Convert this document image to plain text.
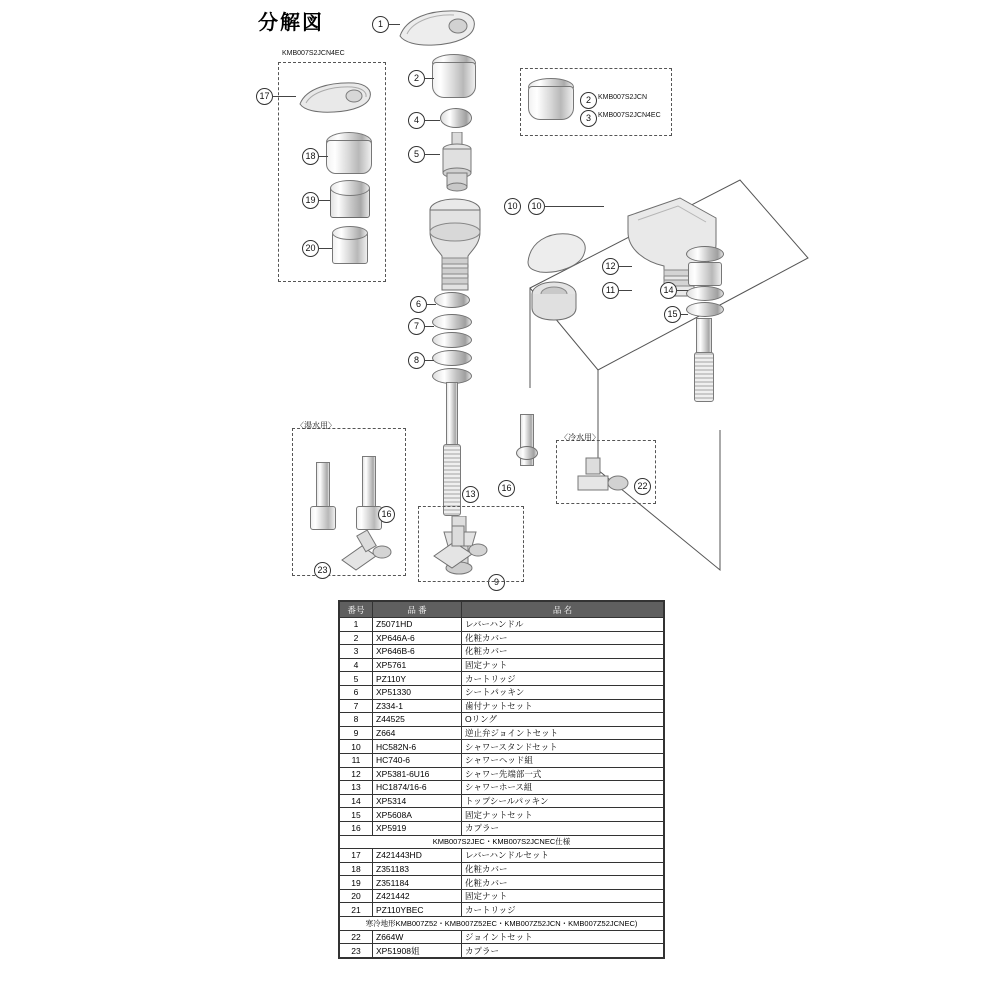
分解図
KMB007S2JCN4EC
17
18
19
20
1
2
4
5
10
6
7
8
13
9
2
3
KMB007S2JCN
KMB007S2JCN4EC
12
11
10
14
15
〈湯水用〉
16
23
〈冷水用〉
22
16
番号	品 番	品 名
1	Z5071HD	レバーハンドル
2	XP646A-6	化粧カバー
3	XP646B-6	化粧カバー
4	XP5761	固定ナット
5	PZ110Y	カートリッジ
6	XP51330	シートパッキン
7	Z334-1	歯付ナットセット
8	Z44525	Oリング
9	Z664	逆止弁ジョイントセット
10	HC582N-6	シャワースタンドセット
11	HC740-6	シャワーヘッド組
12	XP5381-6U16	シャワー先端部一式
13	HC1874/16-6	シャワーホース組
14	XP5314	トップシールパッキン
15	XP5608A	固定ナットセット
16	XP5919	カプラー
KMB007S2JEC・KMB007S2JCNEC仕様		
17	Z421443HD	レバーハンドルセット
18	Z351183	化粧カバー
19	Z351184	化粧カバー
20	Z421442	固定ナット
21	PZ110YBEC	カートリッジ
寒冷地形KMB007Z52・KMB007Z52EC・KMB007Z52JCN・KMB007Z52JCNEC)		
22	Z664W	ジョイントセット
23	XP51908姐	カプラー
